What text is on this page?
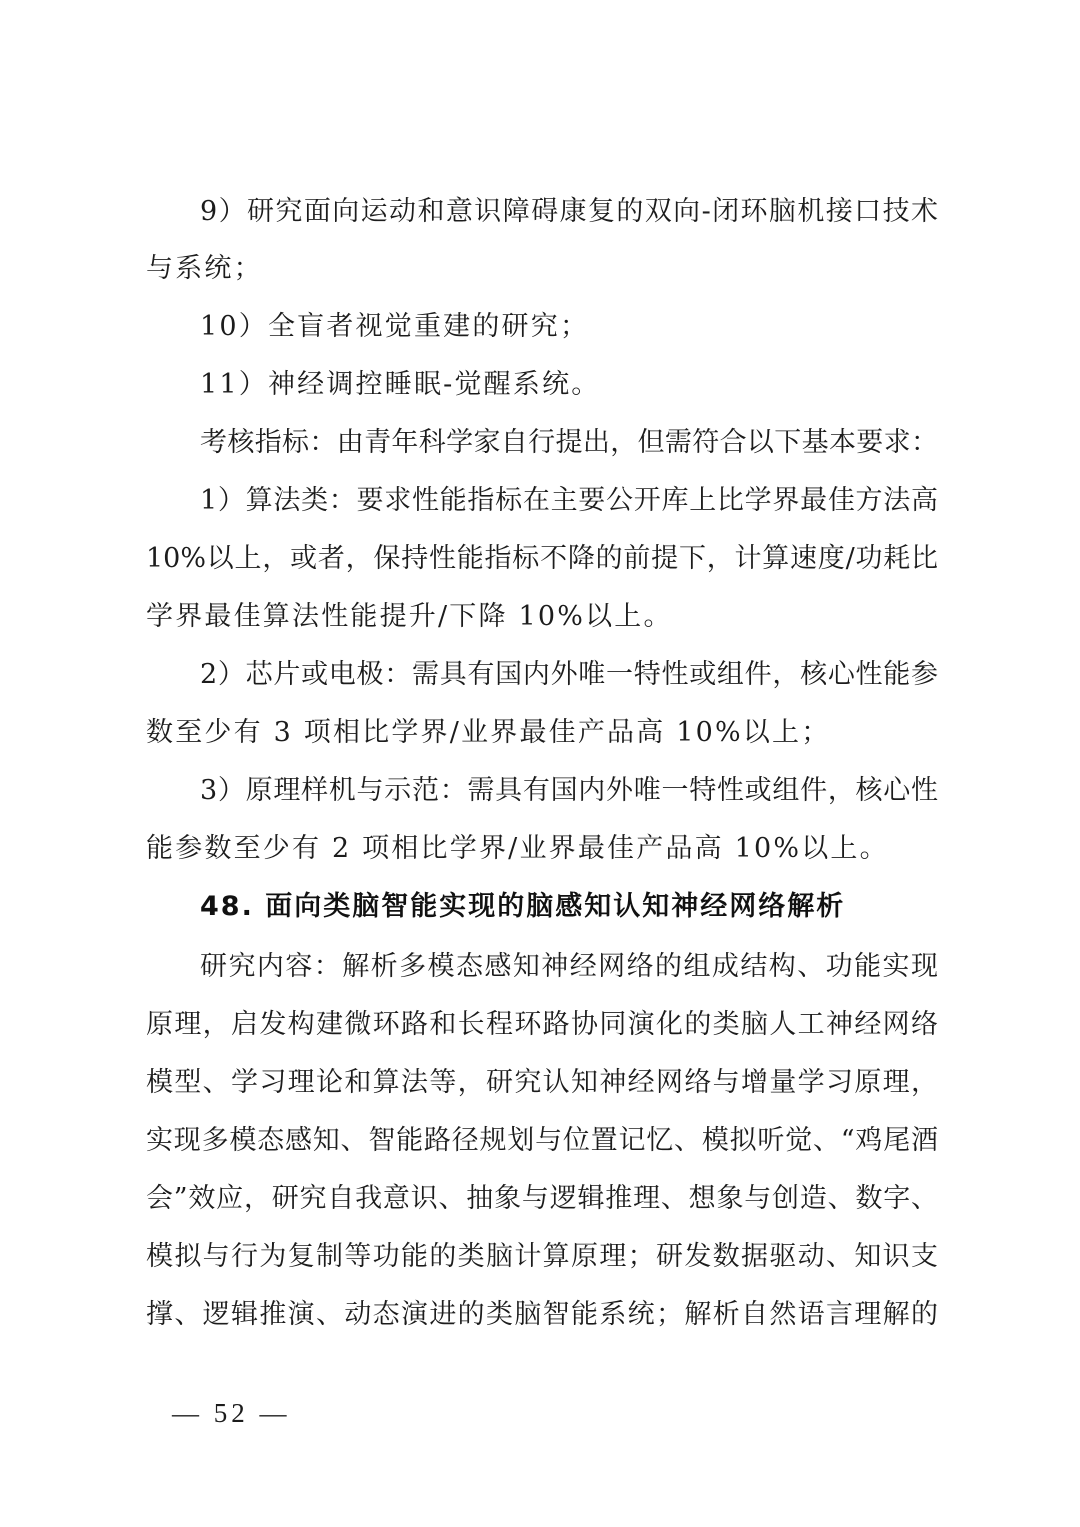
9）研究面向运动和意识障碍康复的双向-闭环脑机接口技术
与系统；
10）全盲者视觉重建的研究；
11）神经调控睡眠-觉醒系统。
考核指标：由青年科学家自行提出，但需符合以下基本要求：
1）算法类：要求性能指标在主要公开库上比学界最佳方法高
10%以上，或者，保持性能指标不降的前提下，计算速度/功耗比
学界最佳算法性能提升/下降 10%以上。
2）芯片或电极：需具有国内外唯一特性或组件，核心性能参
数至少有 3 项相比学界/业界最佳产品高 10%以上；
3）原理样机与示范：需具有国内外唯一特性或组件，核心性
能参数至少有 2 项相比学界/业界最佳产品高 10%以上。
48. 面向类脑智能实现的脑感知认知神经网络解析
研究内容：解析多模态感知神经网络的组成结构、功能实现
原理，启发构建微环路和长程环路协同演化的类脑人工神经网络
模型、学习理论和算法等，研究认知神经网络与增量学习原理，
实现多模态感知、智能路径规划与位置记忆、模拟听觉、“鸡尾酒
会”效应，研究自我意识、抽象与逻辑推理、想象与创造、数字、
模拟与行为复制等功能的类脑计算原理；研发数据驱动、知识支
撑、逻辑推演、动态演进的类脑智能系统；解析自然语言理解的
— 52 —
